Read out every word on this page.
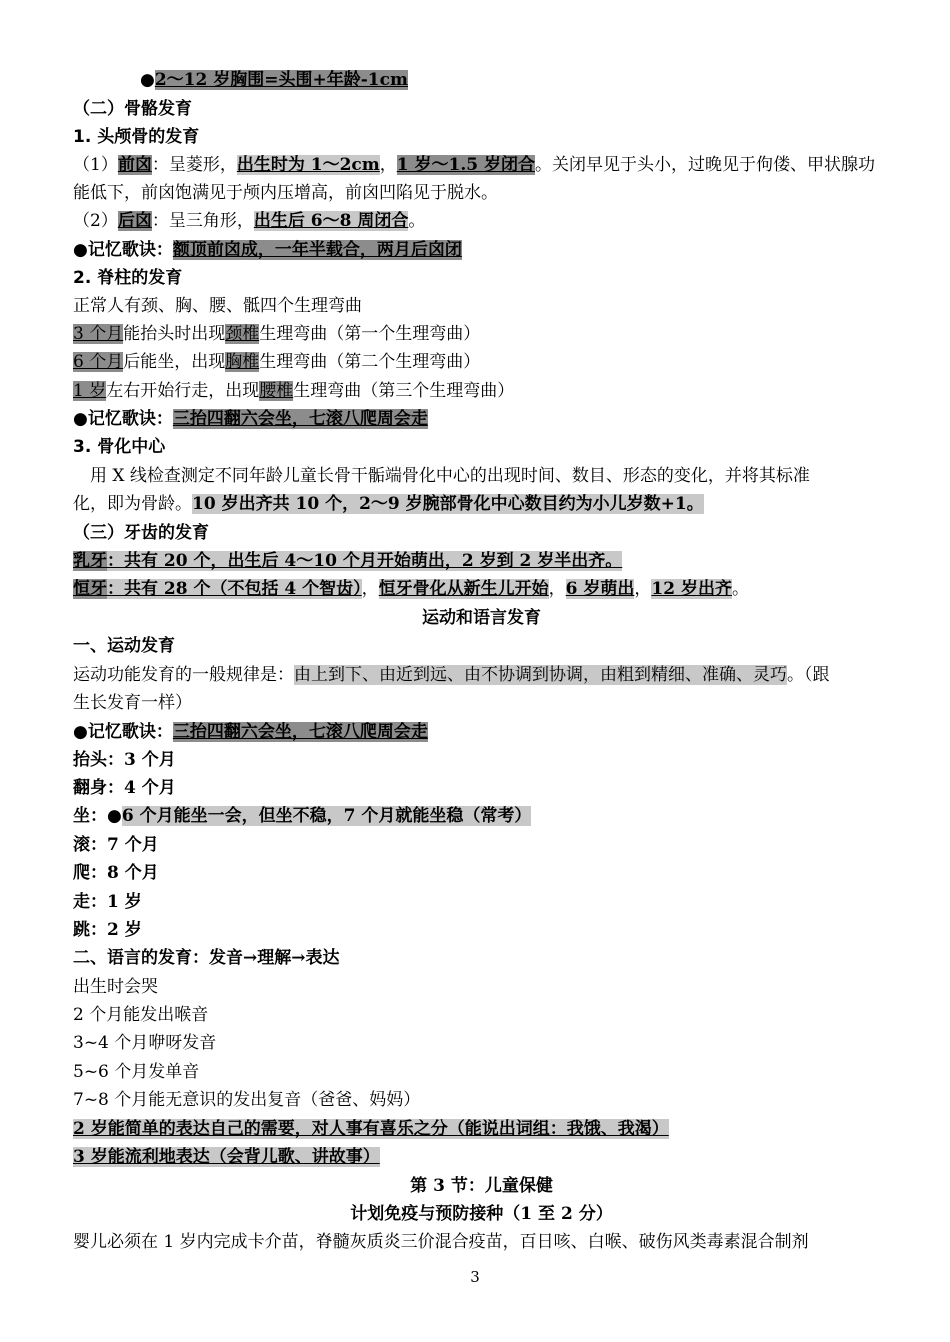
●2～12 岁胸围=头围+年龄-1cm
（二）骨骼发育
1. 头颅骨的发育
（1）前囟：呈菱形，出生时为 1～2cm，1 岁～1.5 岁闭合。关闭早见于头小，过晚见于佝偻、甲状腺功
能低下，前囟饱满见于颅内压增高，前囟凹陷见于脱水。
（2）后囟：呈三角形，出生后 6～8 周闭合。
●记忆歌诀：额顶前囟成，一年半载合，两月后囟闭
2. 脊柱的发育
正常人有颈、胸、腰、骶四个生理弯曲
3 个月能抬头时出现颈椎生理弯曲（第一个生理弯曲）
6 个月后能坐，出现胸椎生理弯曲（第二个生理弯曲）
1 岁左右开始行走，出现腰椎生理弯曲（第三个生理弯曲）
●记忆歌诀：三抬四翻六会坐，七滚八爬周会走
3. 骨化中心
用 X 线检查测定不同年龄儿童长骨干骺端骨化中心的出现时间、数目、形态的变化，并将其标准
化，即为骨龄。10 岁出齐共 10 个，2～9 岁腕部骨化中心数目约为小儿岁数+1。
（三）牙齿的发育
乳牙：共有 20 个，出生后 4～10 个月开始萌出，2 岁到 2 岁半出齐。
恒牙：共有 28 个（不包括 4 个智齿），恒牙骨化从新生儿开始，6 岁萌出，12 岁出齐。
运动和语言发育
一、运动发育
运动功能发育的一般规律是：由上到下、由近到远、由不协调到协调，由粗到精细、准确、灵巧。（跟
生长发育一样）
●记忆歌诀：三抬四翻六会坐，七滚八爬周会走
抬头：3 个月
翻身：4 个月
坐：●6 个月能坐一会，但坐不稳，7 个月就能坐稳（常考）
滚：7 个月
爬：8 个月
走：1 岁
跳：2 岁
二、语言的发育：发音→理解→表达
出生时会哭
2 个月能发出喉音
3~4 个月咿呀发音
5~6 个月发单音
7~8 个月能无意识的发出复音（爸爸、妈妈）
2 岁能简单的表达自己的需要，对人事有喜乐之分（能说出词组：我饿、我渴）
3 岁能流利地表达（会背儿歌、讲故事）
第 3 节：儿童保健
计划免疫与预防接种（1 至 2 分）
婴儿必须在 1 岁内完成卡介苗，脊髓灰质炎三价混合疫苗，百日咳、白喉、破伤风类毒素混合制剂
3
